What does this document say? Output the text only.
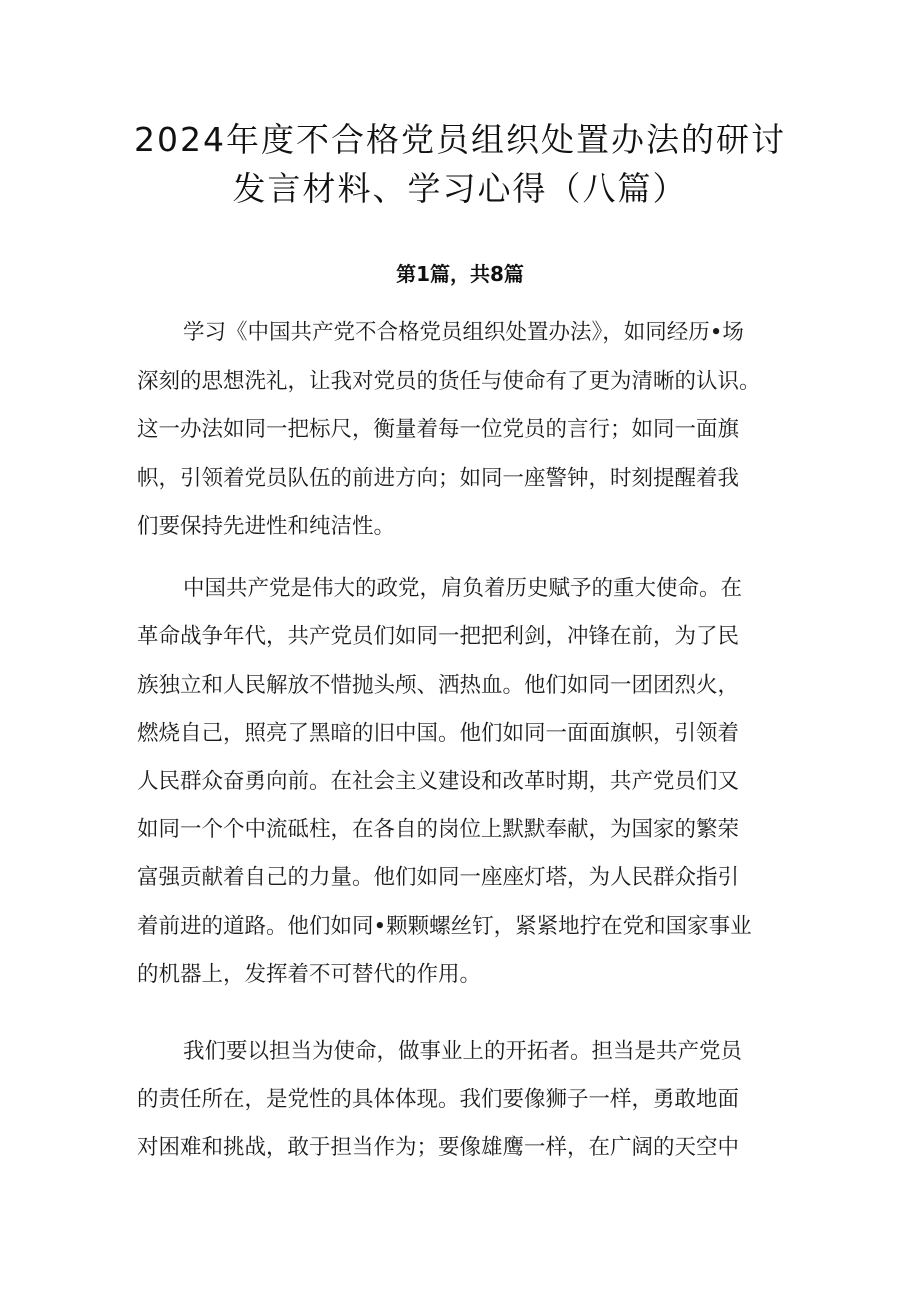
2024年度不合格党员组织处置办法的研讨
发言材料、学习心得（八篇）
第1篇，共8篇
学习《中国共产党不合格党员组织处置办法》，如同经历•场
深刻的思想洗礼，让我对党员的货任与使命有了更为清晰的认识。
这一办法如同一把标尺，衡量着每一位党员的言行；如同一面旗
帜，引领着党员队伍的前进方向；如同一座警钟，时刻提醒着我
们要保持先进性和纯洁性。
中国共产党是伟大的政党，肩负着历史赋予的重大使命。在
革命战争年代，共产党员们如同一把把利剑，冲锋在前，为了民
族独立和人民解放不惜抛头颅、洒热血。他们如同一团团烈火，
燃烧自己，照亮了黑暗的旧中国。他们如同一面面旗帜，引领着
人民群众奋勇向前。在社会主义建设和改革时期，共产党员们又
如同一个个中流砥柱，在各自的岗位上默默奉献，为国家的繁荣
富强贡献着自己的力量。他们如同一座座灯塔，为人民群众指引
着前进的道路。他们如同•颗颗螺丝钉，紧紧地拧在党和国家事业
的机器上，发挥着不可替代的作用。
我们要以担当为使命，做事业上的开拓者。担当是共产党员
的责任所在，是党性的具体体现。我们要像狮子一样，勇敢地面
对困难和挑战，敢于担当作为；要像雄鹰一样，在广阔的天空中
